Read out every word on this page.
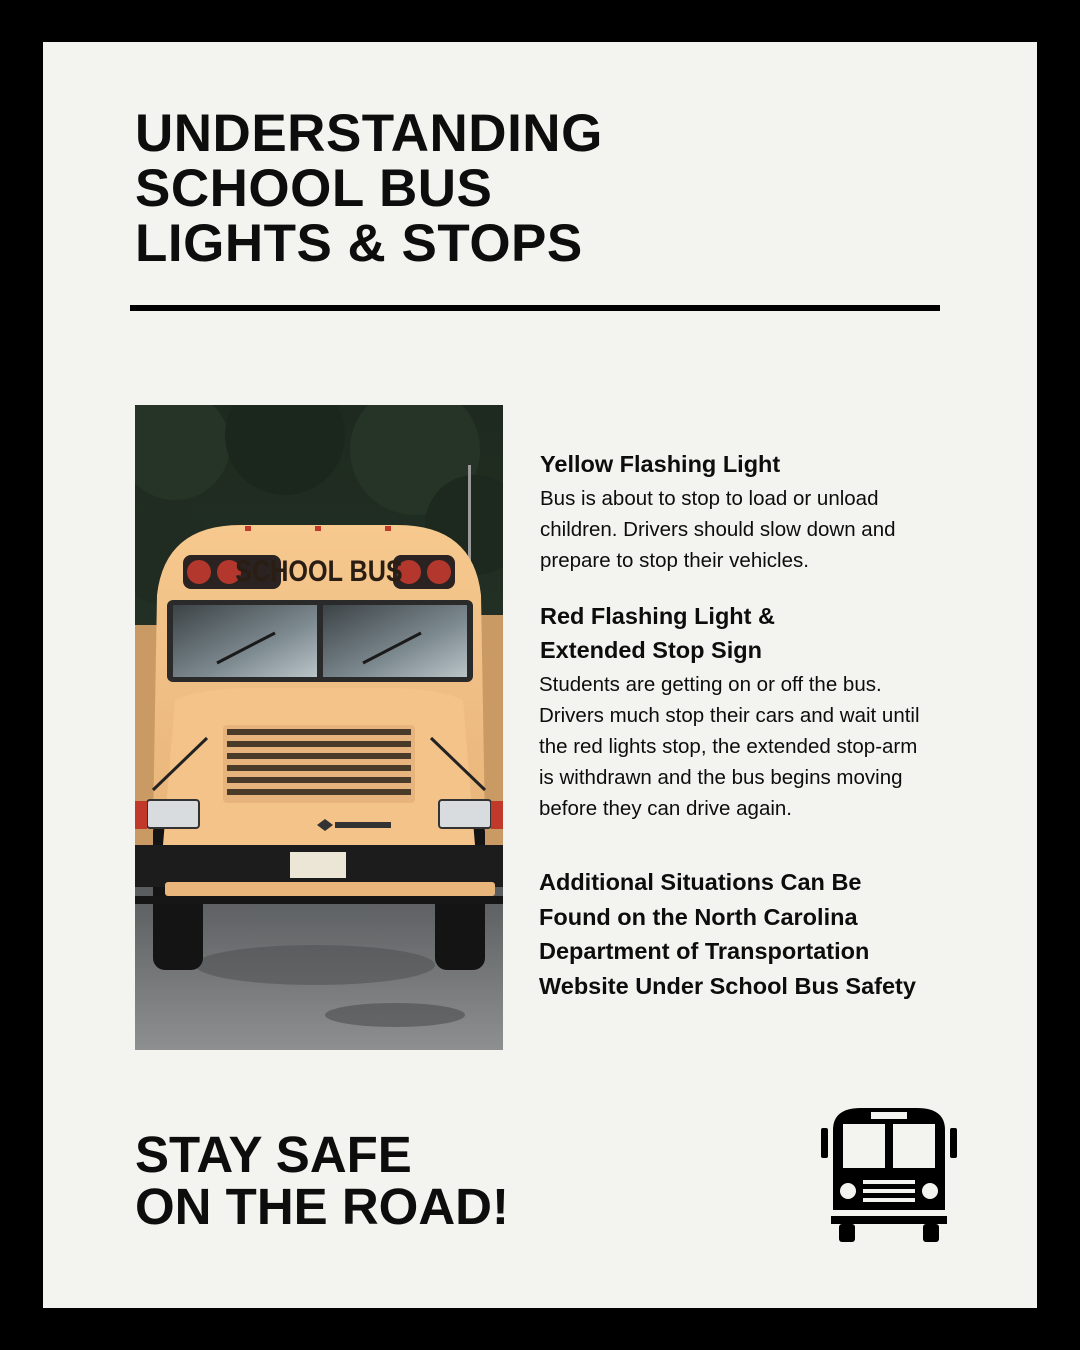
UNDERSTANDING
SCHOOL BUS
LIGHTS & STOPS
SCHOOL BUS
Yellow Flashing Light

Bus is about to stop to load or unload
children. Drivers should slow down and
prepare to stop their vehicles.

Red Flashing Light &
Extended Stop Sign

Students are getting on or off the bus.
Drivers much stop their cars and wait until
the red lights stop, the extended stop-arm
is withdrawn and the bus begins moving
before they can drive again.

Additional Situations Can Be
Found on the North Carolina
Department of Transportation
Website Under School Bus Safety

STAY SAFE
ON THE ROAD!
